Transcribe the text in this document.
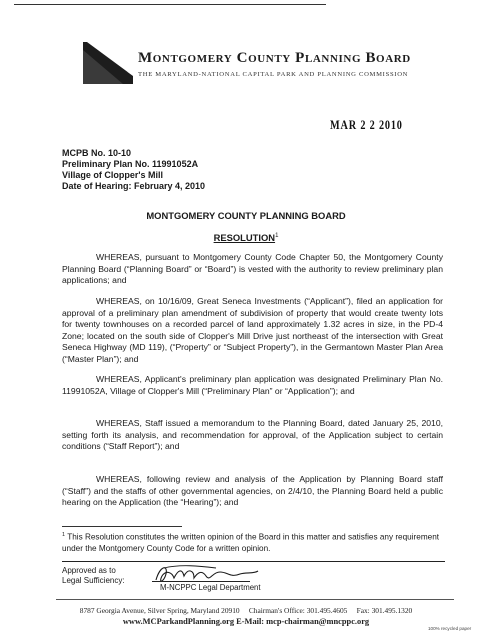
Montgomery County Planning Board
THE MARYLAND-NATIONAL CAPITAL PARK AND PLANNING COMMISSION
MAR 2 2 2010
MCPB No. 10-10
Preliminary Plan No. 11991052A
Village of Clopper's Mill
Date of Hearing: February 4, 2010
MONTGOMERY COUNTY PLANNING BOARD
RESOLUTION$^1$
WHEREAS, pursuant to Montgomery County Code Chapter 50, the Montgomery County Planning Board (“Planning Board” or “Board”) is vested with the authority to review preliminary plan applications; and
WHEREAS, on 10/16/09, Great Seneca Investments (“Applicant”), filed an application for approval of a preliminary plan amendment of subdivision of property that would create twenty lots for twenty townhouses on a recorded parcel of land approximately 1.32 acres in size, in the PD-4 Zone; located on the south side of Clopper's Mill Drive just northeast of the intersection with Great Seneca Highway (MD 119), (“Property” or “Subject Property”), in the Germantown Master Plan Area (“Master Plan”); and
WHEREAS, Applicant's preliminary plan application was designated Preliminary Plan No. 11991052A, Village of Clopper's Mill (“Preliminary Plan” or “Application”); and
WHEREAS, Staff issued a memorandum to the Planning Board, dated January 25, 2010, setting forth its analysis, and recommendation for approval, of the Application subject to certain conditions (“Staff Report”); and
WHEREAS, following review and analysis of the Application by Planning Board staff (“Staff”) and the staffs of other governmental agencies, on 2/4/10, the Planning Board held a public hearing on the Application (the “Hearing”); and
$^1$ This Resolution constitutes the written opinion of the Board in this matter and satisfies any requirement under the Montgomery County Code for a written opinion.
Approved as to
Legal Sufficiency:
M-NCPPC Legal Department
8787 Georgia Avenue, Silver Spring, Maryland 20910     Chairman's Office: 301.495.4605     Fax: 301.495.1320
www.MCParkandPlanning.org E-Mail: mcp-chairman@mncppc.org
100% recycled paper
